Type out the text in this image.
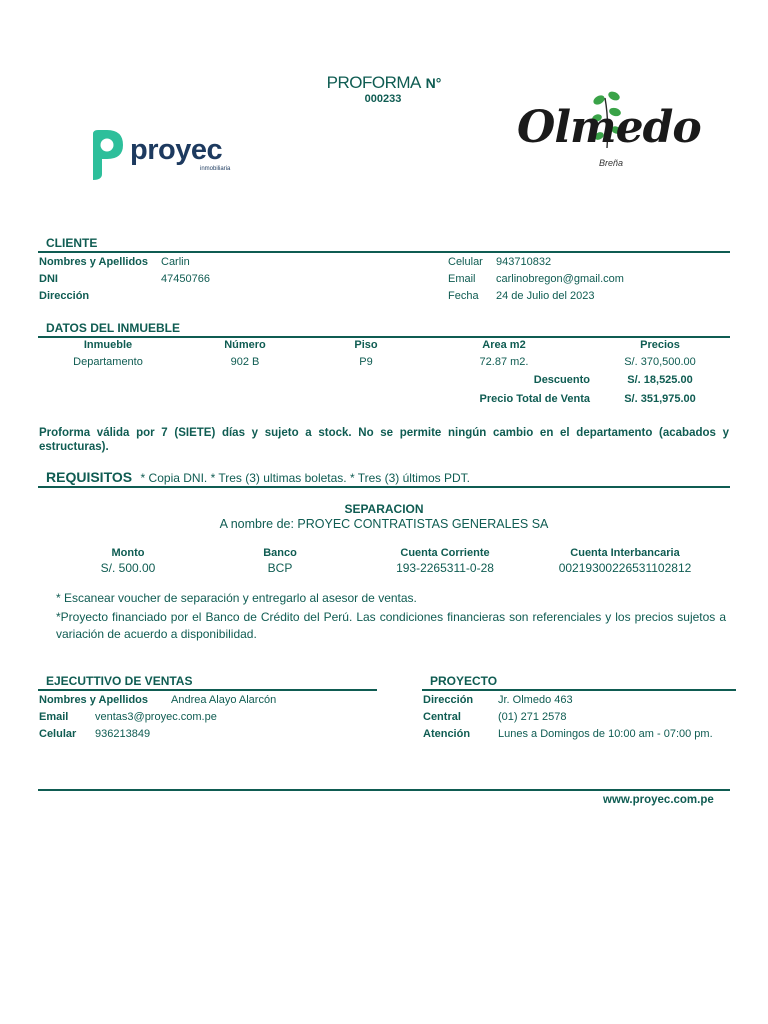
PROFORMA N°
000233
proyec
inmobiliaria
Olmedo
Breña
CLIENTE
Nombres y Apellidos Carlin
DNI	47450766
Dirección
Celular 943710832
Email carlinobregon@gmail.com
Fecha 24 de Julio del 2023
DATOS DEL INMUEBLE
Inmueble	Número	Piso	Area m2	Precios
Departamento	902 B	P9	72.87 m2.	S/. 370,500.00
Descuento	S/. 18,525.00
Precio Total de Venta	S/. 351,975.00
Proforma válida por 7 (SIETE) días y sujeto a stock. No se permite ningún cambio en el departamento (acabados y estructuras).
REQUISITOS * Copia DNI. * Tres (3) ultimas boletas. * Tres (3) últimos PDT.
SEPARACION
A nombre de: PROYEC CONTRATISTAS GENERALES SA
Monto	Banco	Cuenta Corriente	Cuenta Interbancaria
S/. 500.00	BCP	193-2265311-0-28	00219300226531102812
* Escanear voucher de separación y entregarlo al asesor de ventas.
*Proyecto financiado por el Banco de Crédito del Perú. Las condiciones financieras son referenciales y los precios sujetos a variación de acuerdo a disponibilidad.
EJECUTTIVO DE VENTAS
Nombres y Apellidos Andrea Alayo Alarcón
Email ventas3@proyec.com.pe
Celular 936213849
PROYECTO
Dirección Jr. Olmedo 463
Central	(01) 271 2578
Atención	Lunes a Domingos de 10:00 am - 07:00 pm.
www.proyec.com.pe
